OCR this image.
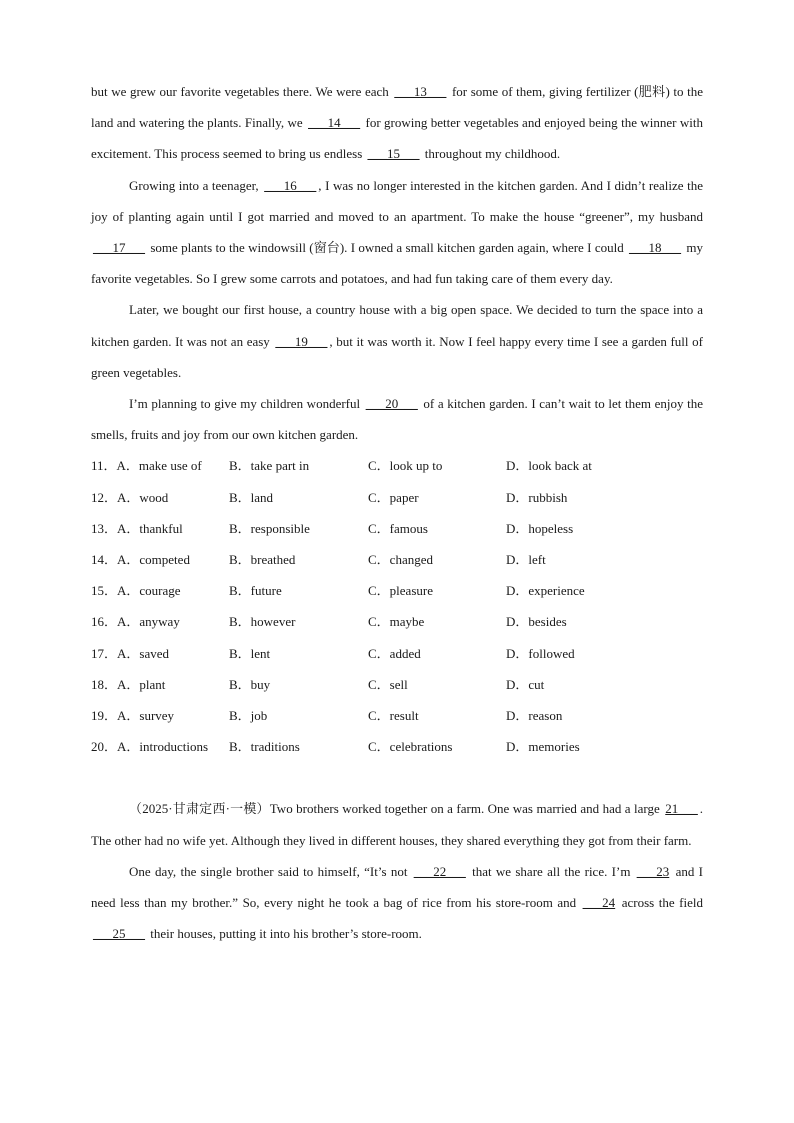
but we grew our favorite vegetables there. We were each ___13___ for some of them, giving fertilizer (肥料) to the land and watering the plants. Finally, we ___14___ for growing better vegetables and enjoyed being the winner with excitement. This process seemed to bring us endless ___15___ throughout my childhood.

Growing into a teenager, ___16___ , I was no longer interested in the kitchen garden. And I didn’t realize the joy of planting again until I got married and moved to an apartment. To make the house “greener”, my husband ___17___ some plants to the windowsill (窗台). I owned a small kitchen garden again, where I could ___18___ my favorite vegetables. So I grew some carrots and potatoes, and had fun taking care of them every day.

Later, we bought our first house, a country house with a big open space. We decided to turn the space into a kitchen garden. It was not an easy ___19___ , but it was worth it. Now I feel happy every time I see a garden full of green vegetables.

I’m planning to give my children wonderful ___20___ of a kitchen garden. I can’t wait to let them enjoy the smells, fruits and joy from our own kitchen garden.

11．A．make use of B．take part in	C．look up to	D．look back at
12．A．wood	B．land	C．paper	D．rubbish
13．A．thankful	B．responsible	C．famous	D．hopeless
14．A．competed	B．breathed	C．changed	D．left
15．A．courage	B．future	C．pleasure	D．experience
16．A．anyway	B．however	C．maybe	D．besides
17．A．saved	B．lent	C．added	D．followed
18．A．plant	B．buy	C．sell	D．cut
19．A．survey	B．job	C．result	D．reason
20．A．introductions B．traditions	C．celebrations	D．memories

（2025·甘肃定西·一模）Two brothers worked together on a farm. One was married and had a large 21___ . The other had no wife yet. Although they lived in different houses, they shared everything they got from their farm.

One day, the single brother said to himself, “It’s not ___22___ that we share all the rice. I’m ___23 and I need less than my brother.” So, every night he took a bag of rice from his store-room and ___24 across the field ___25___ their houses, putting it into his brother’s store-room.
